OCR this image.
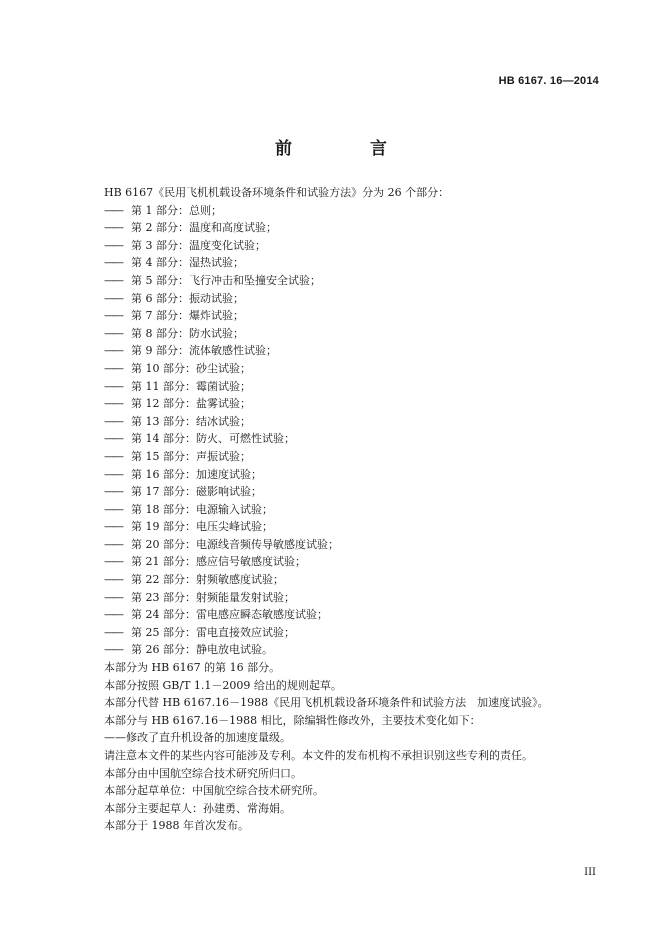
HB 6167. 16—2014
前 言
HB 6167《民用飞机机载设备环境条件和试验方法》分为 26 个部分：
—— 第 1 部分：总则；
—— 第 2 部分：温度和高度试验；
—— 第 3 部分：温度变化试验；
—— 第 4 部分：湿热试验；
—— 第 5 部分：飞行冲击和坠撞安全试验；
—— 第 6 部分：振动试验；
—— 第 7 部分：爆炸试验；
—— 第 8 部分：防水试验；
—— 第 9 部分：流体敏感性试验；
—— 第 10 部分：砂尘试验；
—— 第 11 部分：霉菌试验；
—— 第 12 部分：盐雾试验；
—— 第 13 部分：结冰试验；
—— 第 14 部分：防火、可燃性试验；
—— 第 15 部分：声振试验；
—— 第 16 部分：加速度试验；
—— 第 17 部分：磁影响试验；
—— 第 18 部分：电源输入试验；
—— 第 19 部分：电压尖峰试验；
—— 第 20 部分：电源线音频传导敏感度试验；
—— 第 21 部分：感应信号敏感度试验；
—— 第 22 部分：射频敏感度试验；
—— 第 23 部分：射频能量发射试验；
—— 第 24 部分：雷电感应瞬态敏感度试验；
—— 第 25 部分：雷电直接效应试验；
—— 第 26 部分：静电放电试验。
本部分为 HB 6167 的第 16 部分。
本部分按照 GB/T 1.1－2009 给出的规则起草。
本部分代替 HB 6167.16－1988《民用飞机机载设备环境条件和试验方法　加速度试验》。
本部分与 HB 6167.16－1988 相比，除编辑性修改外，主要技术变化如下：
——修改了直升机设备的加速度量级。
请注意本文件的某些内容可能涉及专利。本文件的发布机构不承担识别这些专利的责任。
本部分由中国航空综合技术研究所归口。
本部分起草单位：中国航空综合技术研究所。
本部分主要起草人：孙建勇、常海娟。
本部分于 1988 年首次发布。
III
